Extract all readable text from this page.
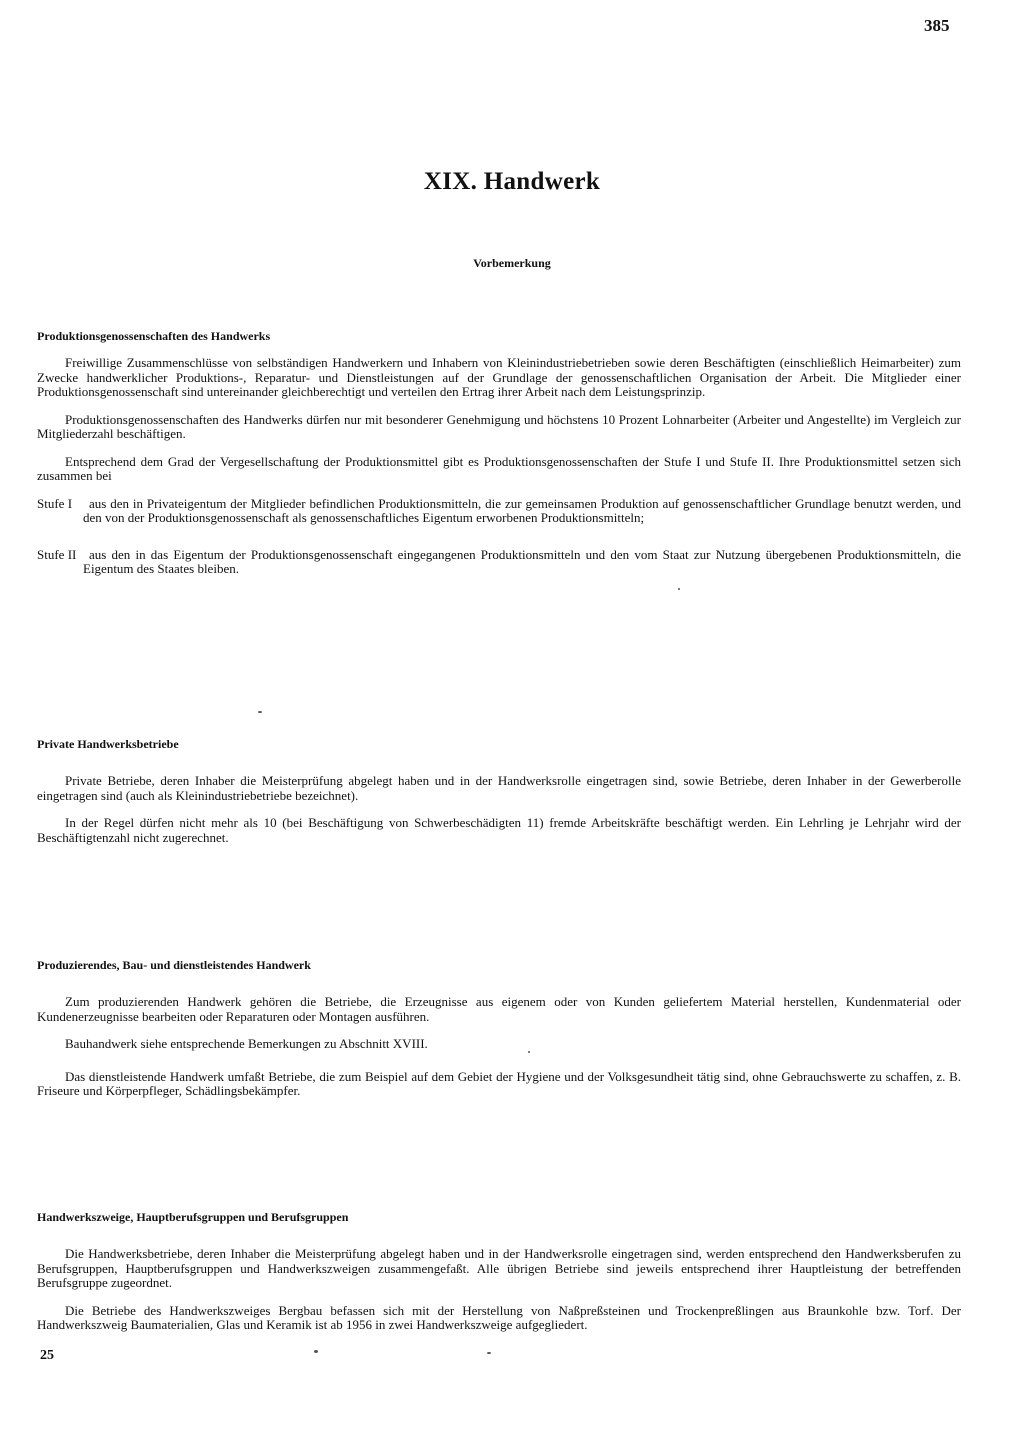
385
XIX. Handwerk
Vorbemerkung
Produktionsgenossenschaften des Handwerks

Freiwillige Zusammenschlüsse von selbständigen Handwerkern und Inhabern von Kleinindustriebetrieben sowie deren Beschäftigten (einschließlich Heimarbeiter) zum Zwecke handwerklicher Produktions-, Reparatur- und Dienstleistungen auf der Grundlage der genossenschaftlichen Organisation der Arbeit. Die Mitglieder einer Produktionsgenossenschaft sind untereinander gleichberechtigt und verteilen den Ertrag ihrer Arbeit nach dem Leistungsprinzip.

Produktionsgenossenschaften des Handwerks dürfen nur mit besonderer Genehmigung und höchstens 10 Prozent Lohnarbeiter (Arbeiter und Angestellte) im Vergleich zur Mitgliederzahl beschäftigen.

Entsprechend dem Grad der Vergesellschaftung der Produktionsmittel gibt es Produktionsgenossenschaften der Stufe I und Stufe II. Ihre Produktionsmittel setzen sich zusammen bei

Stufe I	aus den in Privateigentum der Mitglieder befindlichen Produktionsmitteln, die zur gemeinsamen Produktion auf genossenschaftlicher Grundlage benutzt werden, und den von der Produktionsgenossenschaft als genossenschaftliches Eigentum erworbenen Produktionsmitteln;
Stufe II aus den in das Eigentum der Produktionsgenossenschaft eingegangenen Produktionsmitteln und den vom Staat zur Nutzung übergebenen Produktionsmitteln, die Eigentum des Staates bleiben.
Private Handwerksbetriebe

Private Betriebe, deren Inhaber die Meisterprüfung abgelegt haben und in der Handwerksrolle eingetragen sind, sowie Betriebe, deren Inhaber in der Gewerberolle eingetragen sind (auch als Kleinindustriebetriebe bezeichnet).

In der Regel dürfen nicht mehr als 10 (bei Beschäftigung von Schwerbeschädigten 11) fremde Arbeitskräfte beschäftigt werden. Ein Lehrling je Lehrjahr wird der Beschäftigtenzahl nicht zugerechnet.

Produzierendes, Bau- und dienstleistendes Handwerk

Zum produzierenden Handwerk gehören die Betriebe, die Erzeugnisse aus eigenem oder von Kunden geliefertem Material herstellen, Kundenmaterial oder Kundenerzeugnisse bearbeiten oder Reparaturen oder Montagen ausführen.

Bauhandwerk siehe entsprechende Bemerkungen zu Abschnitt XVIII.

Das dienstleistende Handwerk umfaßt Betriebe, die zum Beispiel auf dem Gebiet der Hygiene und der Volksgesundheit tätig sind, ohne Gebrauchswerte zu schaffen, z. B. Friseure und Körperpfleger, Schädlingsbekämpfer.

Handwerkszweige, Hauptberufsgruppen und Berufsgruppen

Die Handwerksbetriebe, deren Inhaber die Meisterprüfung abgelegt haben und in der Handwerksrolle eingetragen sind, werden entsprechend den Handwerksberufen zu Berufsgruppen, Hauptberufsgruppen und Handwerkszweigen zusammengefaßt. Alle übrigen Betriebe sind jeweils entsprechend ihrer Hauptleistung der betreffenden Berufsgruppe zugeordnet.

Die Betriebe des Handwerkszweiges Bergbau befassen sich mit der Herstellung von Naßpreßsteinen und Trockenpreßlingen aus Braunkohle bzw. Torf. Der Handwerkszweig Baumaterialien, Glas und Keramik ist ab 1956 in zwei Handwerkszweige aufgegliedert.

25
